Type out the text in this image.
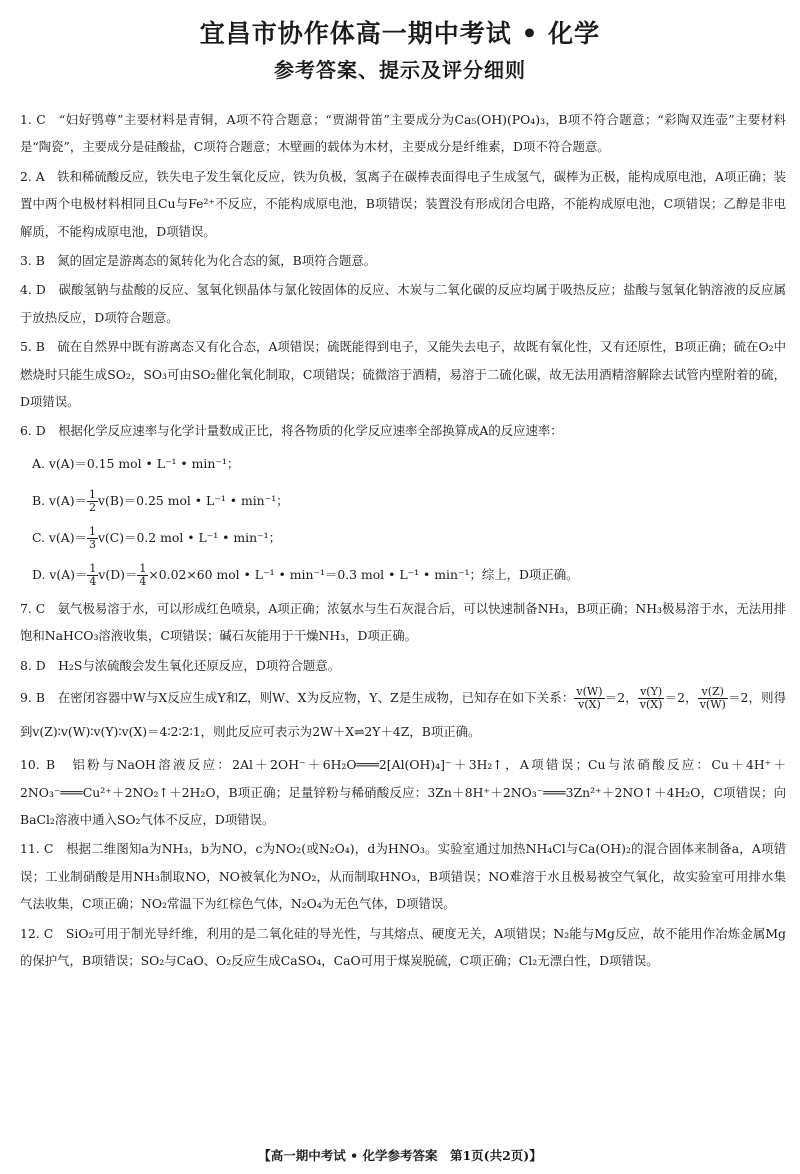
宜昌市协作体高一期中考试 • 化学
参考答案、提示及评分细则

1. C　“妇好鸮尊”主要材料是青铜，A项不符合题意；“贾湖骨笛”主要成分为Ca₅(OH)(PO₄)₃，B项不符合题意；“彩陶双连壶”主要材料是“陶瓷”，主要成分是硅酸盐，C项符合题意；木壁画的载体为木材，主要成分是纤维素，D项不符合题意。

2. A　铁和稀硫酸反应，铁失电子发生氧化反应，铁为负极，氢离子在碳棒表面得电子生成氢气，碳棒为正极，能构成原电池，A项正确；装置中两个电极材料相同且Cu与Fe²⁺不反应，不能构成原电池，B项错误；装置没有形成闭合电路，不能构成原电池，C项错误；乙醇是非电解质，不能构成原电池，D项错误。

3. B　氮的固定是游离态的氮转化为化合态的氮，B项符合题意。

4. D　碳酸氢钠与盐酸的反应、氢氧化钡晶体与氯化铵固体的反应、木炭与二氧化碳的反应均属于吸热反应；盐酸与氢氧化钠溶液的反应属于放热反应，D项符合题意。

5. B　硫在自然界中既有游离态又有化合态，A项错误；硫既能得到电子，又能失去电子，故既有氧化性，又有还原性，B项正确；硫在O₂中燃烧时只能生成SO₂，SO₃可由SO₂催化氧化制取，C项错误；硫微溶于酒精，易溶于二硫化碳，故无法用酒精溶解除去试管内壁附着的硫，D项错误。

6. D　根据化学反应速率与化学计量数成正比，将各物质的化学反应速率全部换算成A的反应速率：

A. v(A)＝0.15 mol • L⁻¹ • min⁻¹；

B. $v(A)= \frac{1}{2} v(B)=0.25$ mol • L⁻¹ • min⁻¹；

C. $v(A)= \frac{1}{3} v(C)=0.2$ mol • L⁻¹ • min⁻¹；

D. $v(A)= \frac{1}{4} v(D)= \frac{1}{4} \times 0.02\times 60$ mol • L⁻¹ • min⁻¹＝0.3 mol • L⁻¹ • min⁻¹；综上，D项正确。

7. C　氨气极易溶于水，可以形成红色喷泉，A项正确；浓氨水与生石灰混合后，可以快速制备NH₃，B项正确；NH₃极易溶于水，无法用排饱和NaHCO₃溶液收集，C项错误；碱石灰能用于干燥NH₃，D项正确。

8. D　H₂S与浓硫酸会发生氧化还原反应，D项符合题意。

9. B　在密闭容器中W与X反应生成Y和Z，则W、X为反应物，Y、Z是生成物，已知存在如下关系： $\frac{v(W)}{v(X)} =2$， $\frac{v(Y)}{v(X)} =2$， $\frac{v(Z)}{v(W)} =2$，则得到v(Z)∶v(W)∶v(Y)∶v(X)＝4∶2∶2∶1，则此反应可表示为2W＋X⇌2Y＋4Z，B项正确。

10. B　铝粉与NaOH溶液反应：2Al＋2OH⁻＋6H₂O═══2[Al(OH)₄]⁻＋3H₂↑，A项错误；Cu与浓硝酸反应：Cu＋4H⁺＋2NO₃⁻═══Cu²⁺＋2NO₂↑＋2H₂O，B项正确；足量锌粉与稀硝酸反应：3Zn＋8H⁺＋2NO₃⁻═══3Zn²⁺＋2NO↑＋4H₂O，C项错误；向BaCl₂溶液中通入SO₂气体不反应，D项错误。

11. C　根据二维图知a为NH₃，b为NO，c为NO₂(或N₂O₄)，d为HNO₃。实验室通过加热NH₄Cl与Ca(OH)₂的混合固体来制备a，A项错误；工业制硝酸是用NH₃制取NO，NO被氧化为NO₂，从而制取HNO₃，B项错误；NO难溶于水且极易被空气氧化，故实验室可用排水集气法收集，C项正确；NO₂常温下为红棕色气体，N₂O₄为无色气体，D项错误。

12. C　SiO₂可用于制光导纤维，利用的是二氧化硅的导光性，与其熔点、硬度无关，A项错误；N₂能与Mg反应，故不能用作冶炼金属Mg的保护气，B项错误；SO₂与CaO、O₂反应生成CaSO₄，CaO可用于煤炭脱硫，C项正确；Cl₂无漂白性，D项错误。

【高一期中考试 • 化学参考答案　第1页(共2页)】
